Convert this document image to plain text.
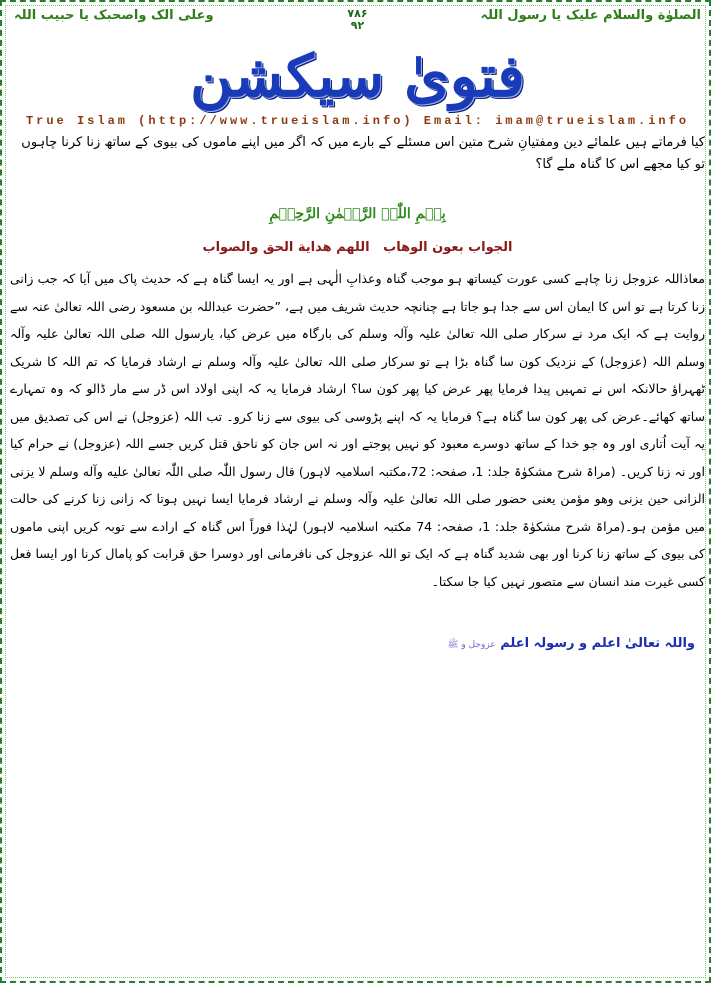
الصلوٰة والسلام علیک یا رسول اللہ
۷۸۶
۹۲
وعلی الک واصحبک یا حبیب اللہ
فتویٰ سیکشن
True Islam (http://www.trueislam.info) Email: imam@trueislam.info
کیا فرماتے ہیں علمائے دین ومفتیانِ شرح متین اس مسئلے کے بارے میں کہ اگر میں اپنے ماموں کی بیوی کے ساتھ زنا کرنا چاہوں تو کیا مجھے اس کا گناہ ملے گا؟
بِسۡمِ اللّٰہِ الرَّحۡمٰنِ الرَّحِیۡمِ
الجواب بعون الوهاب   اللهم هداية الحق والصواب
معاذاللہ عزوجل زنا چاہے کسی عورت کیساتھ ہو موجب گناہ وعذابِ الٰہی ہے اور یہ ایسا گناہ ہے کہ حدیث پاک میں آیا کہ جب زانی زنا کرتا ہے تو اس کا ایمان اس سے جدا ہو جاتا ہے چنانچہ حدیث شریف میں ہے، ”حضرت عبداللہ بن مسعود رضی اللہ تعالیٰ عنہ سے روایت ہے کہ ایک مرد نے سرکار صلی اللہ تعالیٰ علیہ وآلہ وسلم کی بارگاہ میں عرض کیا، یارسول اللہ صلی اللہ تعالیٰ علیہ وآلہ وسلم اللہ (عزوجل) کے نزدیک کون سا گناہ بڑا ہے تو سرکار صلی اللہ تعالیٰ علیہ وآلہ وسلم نے ارشاد فرمایا کہ تم اللہ کا شریک ٹھہراؤ حالانکہ اس نے تمہیں پیدا فرمایا پھر عرض کیا پھر کون سا؟ ارشاد فرمایا یہ کہ اپنی اولاد اس ڈر سے مار ڈالو کہ وہ تمہارے ساتھ کھائے۔عرض کی پھر کون سا گناہ ہے؟ فرمایا یہ کہ اپنے پڑوسی کی بیوی سے زنا کرو۔ تب اللہ (عزوجل) نے اس کی تصدیق میں یہ آیت اُتاری اور وہ جو خدا کے ساتھ دوسرے معبود کو نہیں پوجتے اور نہ اس جان کو ناحق قتل کریں جسے اللہ (عزوجل) نے حرام کیا اور نہ زنا کریں۔ (مراۃ شرح مشکوٰۃ جلد: 1، صفحہ: 72،مکتبہ اسلامیہ لاہور) قال رسول اللّٰہ صلی اللّٰہ تعالیٰ علیه وآله وسلم لا یزنی الزانی حین یزنی وهو مؤمن یعنی حضور صلی اللہ تعالیٰ علیہ وآلہ وسلم نے ارشاد فرمایا ایسا نہیں ہوتا کہ زانی زنا کرنے کی حالت میں مؤمن ہو۔(مراۃ شرح مشکوٰۃ جلد: 1، صفحہ: 74 مکتبہ اسلامیہ لاہور) لہٰذا فوراً اس گناہ کے ارادے سے توبہ کریں اپنی ماموں کی بیوی کے ساتھ زنا کرنا اور بھی شدید گناہ ہے کہ ایک تو اللہ عزوجل کی نافرمانی اور دوسرا حق قرابت کو پامال کرنا اور ایسا فعل کسی غیرت مند انسان سے متصور نہیں کیا جا سکتا۔
واللہ تعالیٰ اعلم و رسولہ اعلم عزوجل و ﷺ
